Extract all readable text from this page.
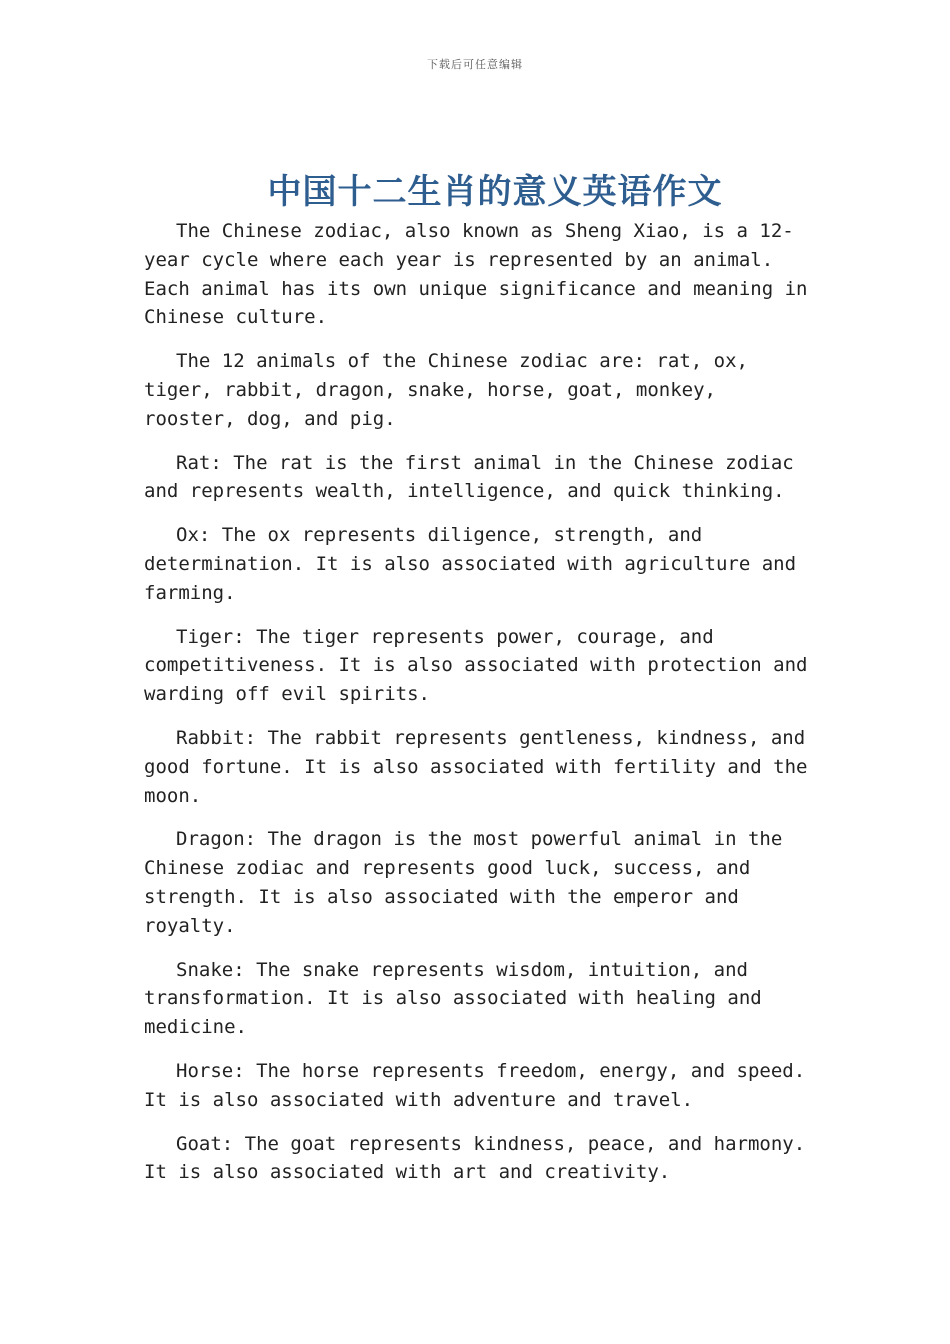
下载后可任意编辑
中国十二生肖的意义英语作文

The Chinese zodiac, also known as Sheng Xiao, is a 12-year cycle where each year is represented by an animal. Each animal has its own unique significance and meaning in Chinese culture.

The 12 animals of the Chinese zodiac are: rat, ox, tiger, rabbit, dragon, snake, horse, goat, monkey, rooster, dog, and pig.

Rat: The rat is the first animal in the Chinese zodiac and represents wealth, intelligence, and quick thinking.

Ox: The ox represents diligence, strength, and determination. It is also associated with agriculture and farming.

Tiger: The tiger represents power, courage, and competitiveness. It is also associated with protection and warding off evil spirits.

Rabbit: The rabbit represents gentleness, kindness, and good fortune. It is also associated with fertility and the moon.

Dragon: The dragon is the most powerful animal in the Chinese zodiac and represents good luck, success, and strength. It is also associated with the emperor and royalty.

Snake: The snake represents wisdom, intuition, and transformation. It is also associated with healing and medicine.

Horse: The horse represents freedom, energy, and speed. It is also associated with adventure and travel.

Goat: The goat represents kindness, peace, and harmony. It is also associated with art and creativity.
